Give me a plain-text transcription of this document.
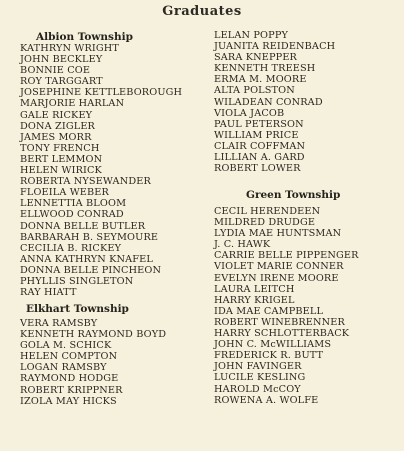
Graduates
Albion Township
KATHRYN WRIGHT
JOHN BECKLEY
BONNIE COE
ROY TARGGART
JOSEPHINE KETTLEBOROUGH
MARJORIE HARLAN
GALE RICKEY
DONA ZIGLER
JAMES MORR
TONY FRENCH
BERT LEMMON
HELEN WIRICK
ROBERTA NYSEWANDER
FLOEILA WEBER
LENNETTIA BLOOM
ELLWOOD CONRAD
DONNA BELLE BUTLER
BARBARAH B. SEYMOURE
CECILIA B. RICKEY
ANNA KATHRYN KNAFEL
DONNA BELLE PINCHEON
PHYLLIS SINGLETON
RAY HIATT
Elkhart Township
VERA RAMSBY
KENNETH RAYMOND BOYD
GOLA M. SCHICK
HELEN COMPTON
LOGAN RAMSBY
RAYMOND HODGE
ROBERT KRIPPNER
IZOLA MAY HICKS
LELAN POPPY
JUANITA REIDENBACH
SARA KNEPPER
KENNETH TREESH
ERMA M. MOORE
ALTA POLSTON
WILADEAN CONRAD
VIOLA JACOB
PAUL PETERSON
WILLIAM PRICE
CLAIR COFFMAN
LILLIAN A. GARD
ROBERT LOWER
Green Township
CECIL HERENDEEN
MILDRED DRUDGE
LYDIA MAE HUNTSMAN
J. C. HAWK
CARRIE BELLE PIPPENGER
VIOLET MARIE CONNER
EVELYN IRENE MOORE
LAURA LEITCH
HARRY KRIGEL
IDA MAE CAMPBELL
ROBERT WINEBRENNER
HARRY SCHLOTTERBACK
JOHN C. McWILLIAMS
FREDERICK R. BUTT
JOHN FAVINGER
LUCILE KESLING
HAROLD McCOY
ROWENA A. WOLFE
